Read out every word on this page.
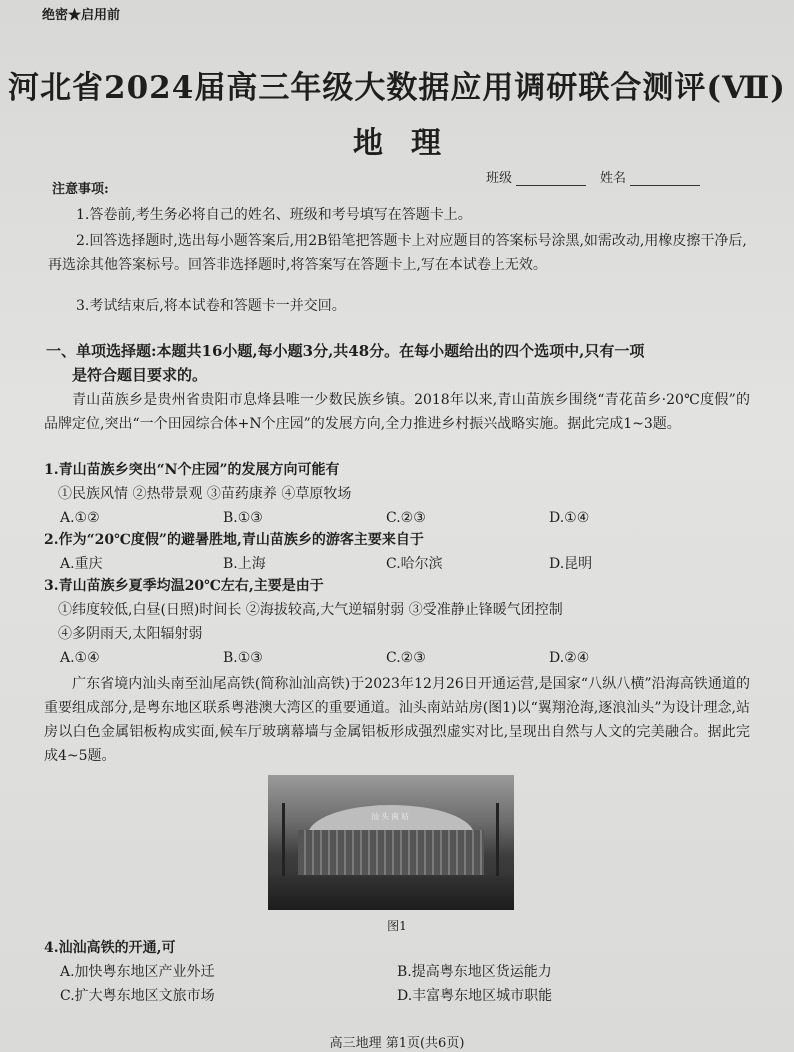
绝密★启用前
河北省2024届高三年级大数据应用调研联合测评(Ⅶ)
地理
班级	姓名
注意事项:
1.答卷前,考生务必将自己的姓名、班级和考号填写在答题卡上。
2.回答选择题时,选出每小题答案后,用2B铅笔把答题卡上对应题目的答案标号涂黑,如需改动,用橡皮擦干净后,再选涂其他答案标号。回答非选择题时,将答案写在答题卡上,写在本试卷上无效。
3.考试结束后,将本试卷和答题卡一并交回。
一、单项选择题:本题共16小题,每小题3分,共48分。在每小题给出的四个选项中,只有一项
是符合题目要求的。
青山苗族乡是贵州省贵阳市息烽县唯一少数民族乡镇。2018年以来,青山苗族乡围绕“青花苗乡·20℃度假”的品牌定位,突出“一个田园综合体+N个庄园”的发展方向,全力推进乡村振兴战略实施。据此完成1~3题。
1.青山苗族乡突出“N个庄园”的发展方向可能有
①民族风情 ②热带景观 ③苗药康养 ④草原牧场
A.①②	B.①③	C.②③	D.①④
2.作为“20℃度假”的避暑胜地,青山苗族乡的游客主要来自于
A.重庆	B.上海	C.哈尔滨	D.昆明
3.青山苗族乡夏季均温20℃左右,主要是由于
①纬度较低,白昼(日照)时间长 ②海拔较高,大气逆辐射弱 ③受准静止锋暖气团控制
④多阴雨天,太阳辐射弱
A.①④	B.①③	C.②③	D.②④
广东省境内汕头南至汕尾高铁(简称汕汕高铁)于2023年12月26日开通运营,是国家“八纵八横”沿海高铁通道的重要组成部分,是粤东地区联系粤港澳大湾区的重要通道。汕头南站站房(图1)以“翼翔沧海,逐浪汕头”为设计理念,站房以白色金属铝板构成实面,候车厅玻璃幕墙与金属铝板形成强烈虚实对比,呈现出自然与人文的完美融合。据此完成4~5题。
汕头南站
图1
4.汕汕高铁的开通,可
A.加快粤东地区产业外迁	B.提高粤东地区货运能力
C.扩大粤东地区文旅市场	D.丰富粤东地区城市职能
高三地理 第1页(共6页)
